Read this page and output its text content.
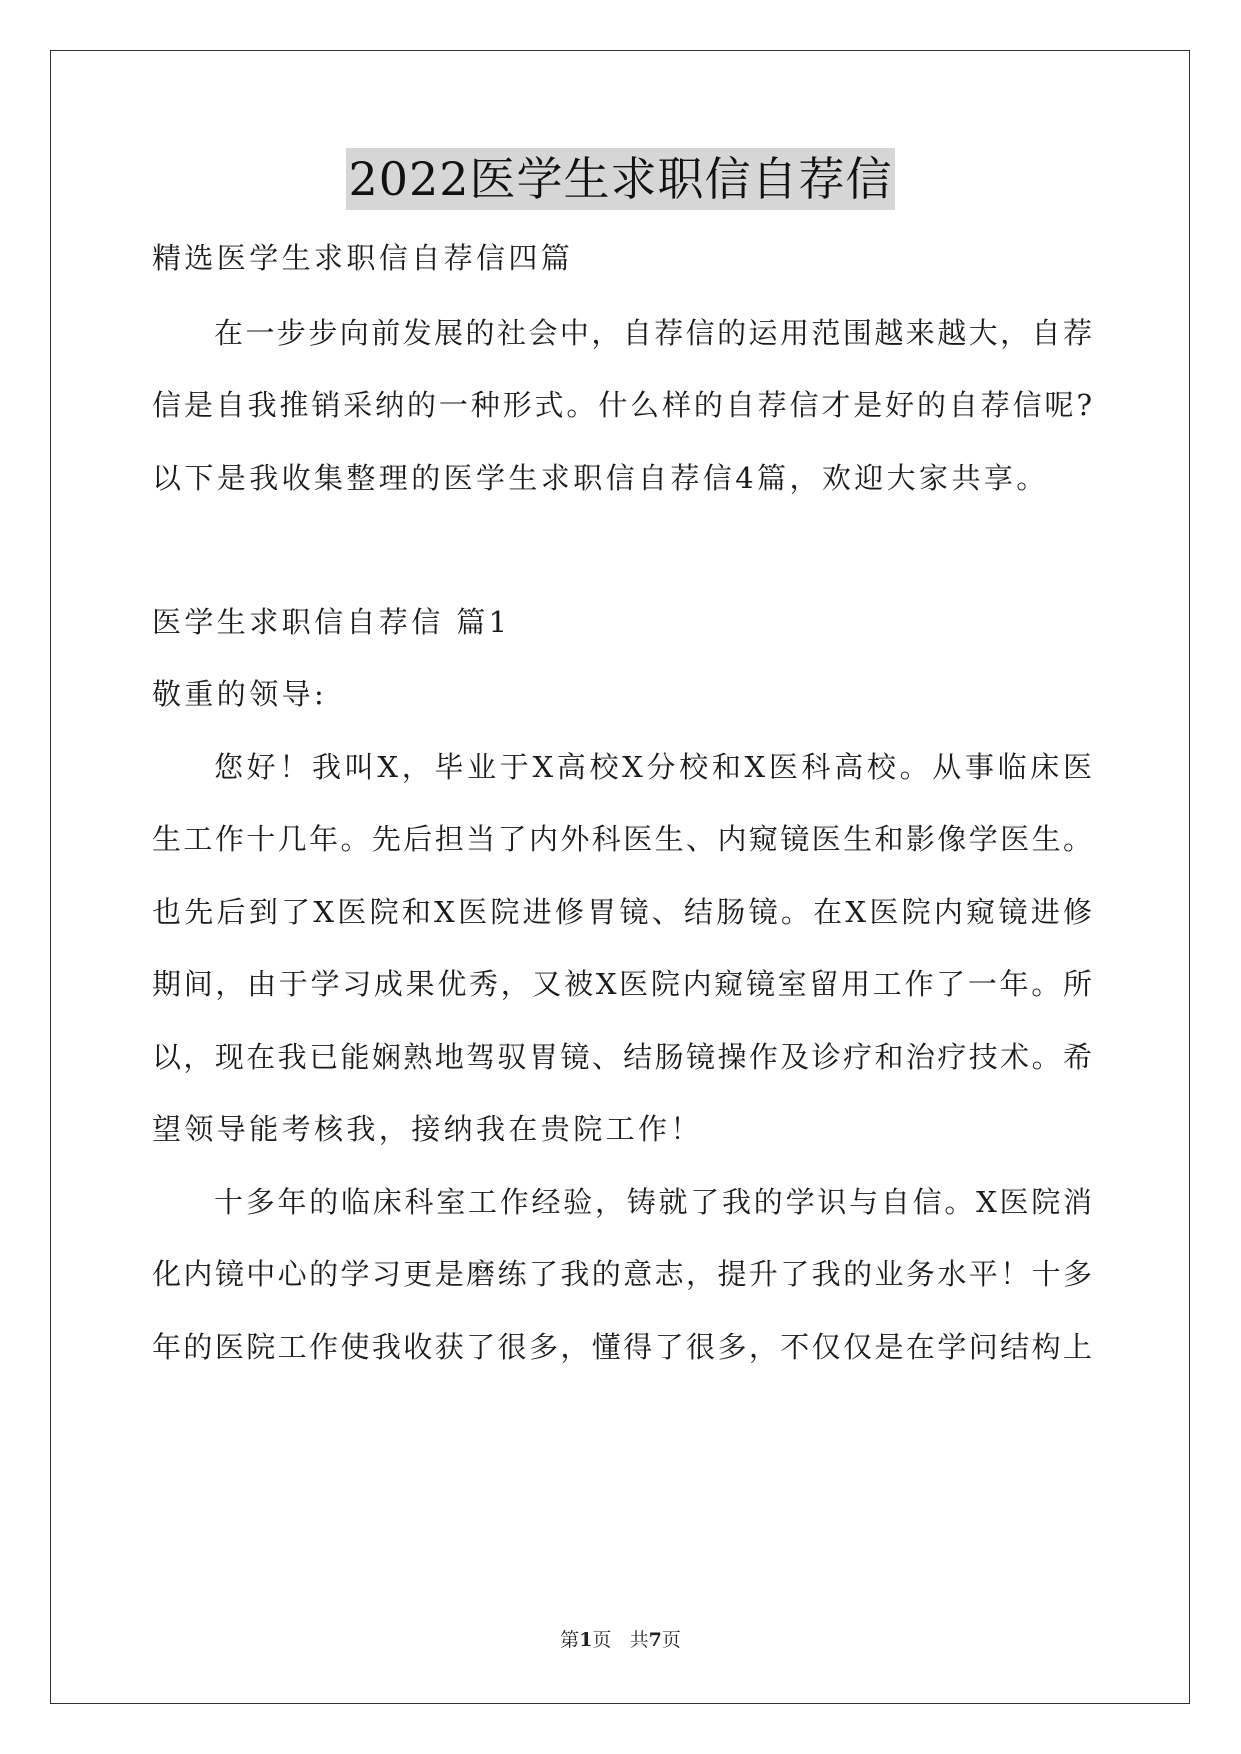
2022医学生求职信自荐信
精选医学生求职信自荐信四篇
在一步步向前发展的社会中，自荐信的运用范围越来越大，自荐
信是自我推销采纳的一种形式。什么样的自荐信才是好的自荐信呢?
以下是我收集整理的医学生求职信自荐信4篇，欢迎大家共享。
医学生求职信自荐信 篇1
敬重的领导:
您好！我叫X，毕业于X高校X分校和X医科高校。从事临床医
生工作十几年。先后担当了内外科医生、内窥镜医生和影像学医生。
也先后到了X医院和X医院进修胃镜、结肠镜。在X医院内窥镜进修
期间，由于学习成果优秀，又被X医院内窥镜室留用工作了一年。所
以，现在我已能娴熟地驾驭胃镜、结肠镜操作及诊疗和治疗技术。希
望领导能考核我，接纳我在贵院工作！
十多年的临床科室工作经验，铸就了我的学识与自信。X医院消
化内镜中心的学习更是磨练了我的意志，提升了我的业务水平！十多
年的医院工作使我收获了很多，懂得了很多，不仅仅是在学问结构上
第1页 共7页
